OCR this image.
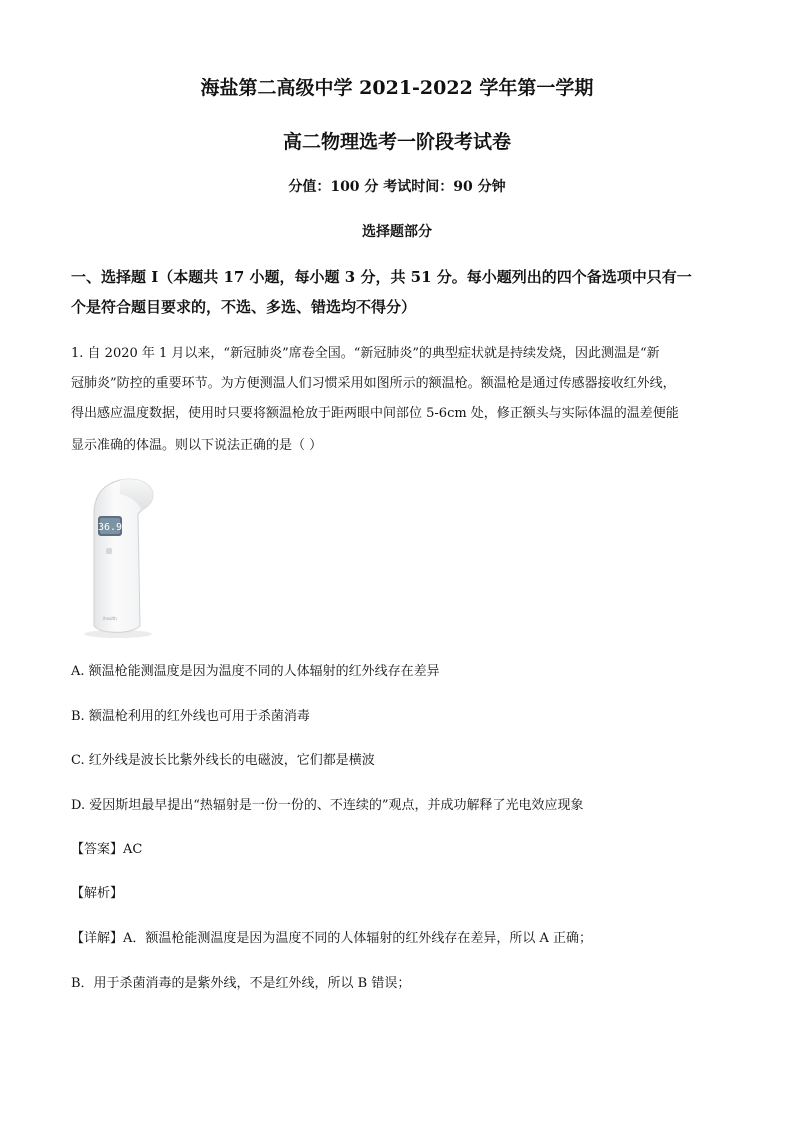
海盐第二高级中学 2021-2022 学年第一学期
高二物理选考一阶段考试卷
分值：100 分 考试时间：90 分钟
选择题部分
一、选择题 I（本题共 17 小题，每小题 3 分，共 51 分。每小题列出的四个备选项中只有一
个是符合题目要求的，不选、多选、错选均不得分）
1. 自 2020 年 1 月以来，“新冠肺炎”席卷全国。“新冠肺炎”的典型症状就是持续发烧，因此测温是“新
冠肺炎”防控的重要环节。为方便测温人们习惯采用如图所示的额温枪。额温枪是通过传感器接收红外线，
得出感应温度数据，使用时只要将额温枪放于距两眼中间部位 5-6cm 处，修正额头与实际体温的温差便能
显示准确的体温。则以下说法正确的是（ ）
36.9
ihealth
A. 额温枪能测温度是因为温度不同的人体辐射的红外线存在差异
B. 额温枪利用的红外线也可用于杀菌消毒
C. 红外线是波长比紫外线长的电磁波，它们都是横波
D. 爱因斯坦最早提出“热辐射是一份一份的、不连续的”观点，并成功解释了光电效应现象
【答案】AC
【解析】
【详解】A．额温枪能测温度是因为温度不同的人体辐射的红外线存在差异，所以 A 正确；
B．用于杀菌消毒的是紫外线，不是红外线，所以 B 错误；
